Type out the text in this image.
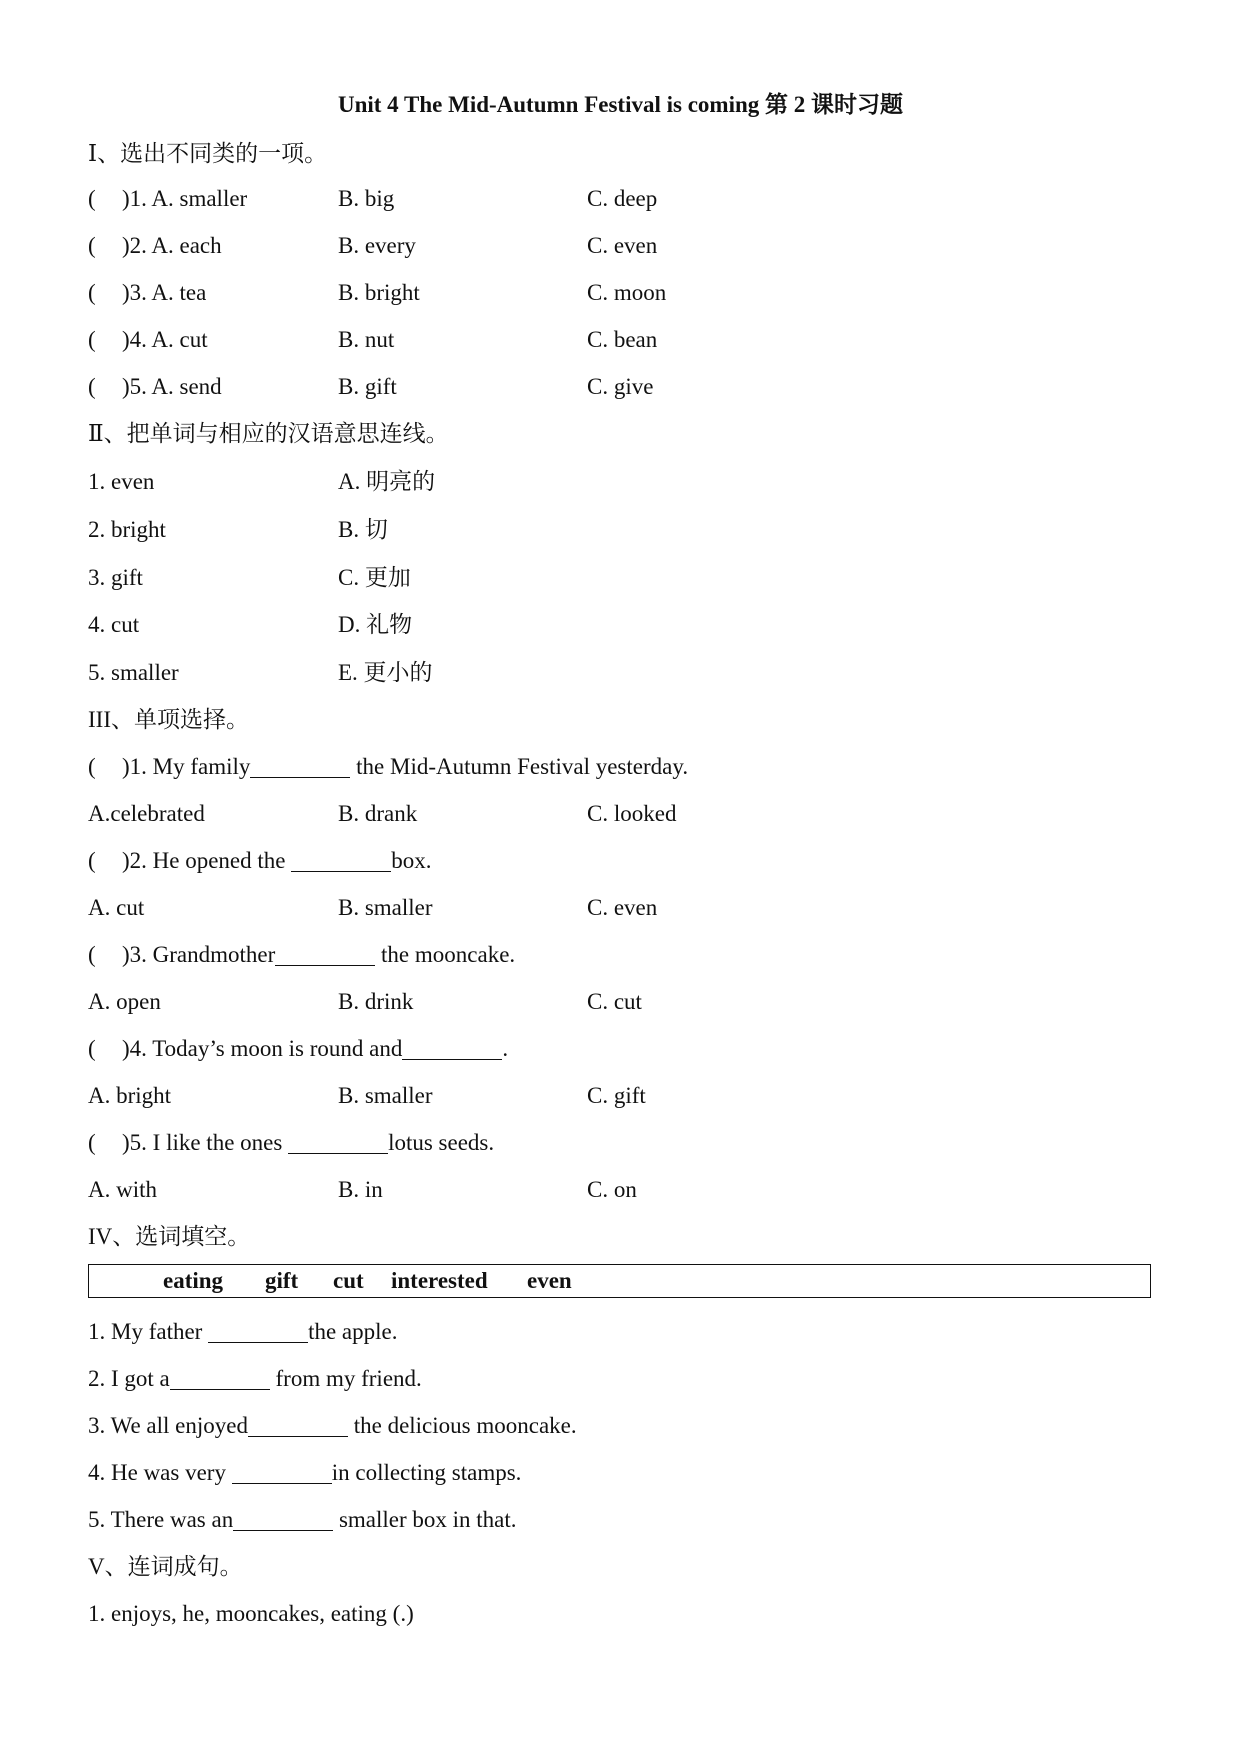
Unit 4 The Mid-Autumn Festival is coming 第 2 课时习题
Ⅰ、选出不同类的一项。
( )1. A. smaller	B. big	C. deep
( )2. A. each	B. every	C. even
( )3. A. tea	B. bright	C. moon
( )4. A. cut	B. nut	C. bean
( )5. A. send	B. gift	C. give
Ⅱ、把单词与相应的汉语意思连线。
1. even	A. 明亮的
2. bright	B. 切
3. gift	C. 更加
4. cut	D. 礼物
5. smaller	E. 更小的
III、单项选择。
( )1. My family	the Mid-Autumn Festival yesterday.
A.celebrated	B. drank	C. looked
( )2. He opened the	box.
A. cut	B. smaller	C. even
( )3. Grandmother	the mooncake.
A. open	B. drink	C. cut
( )4. Today’s moon is round and	.
A. bright	B. smaller	C. gift
( )5. I like the ones	lotus seeds.
A. with	B. in	C. on
IV、选词填空。
eating gift cut interested even
1. My father	the apple.
2. I got a	from my friend.
3. We all enjoyed	the delicious mooncake.
4. He was very	in collecting stamps.
5. There was an	smaller box in that.
V、连词成句。
1. enjoys, he, mooncakes, eating (.)
